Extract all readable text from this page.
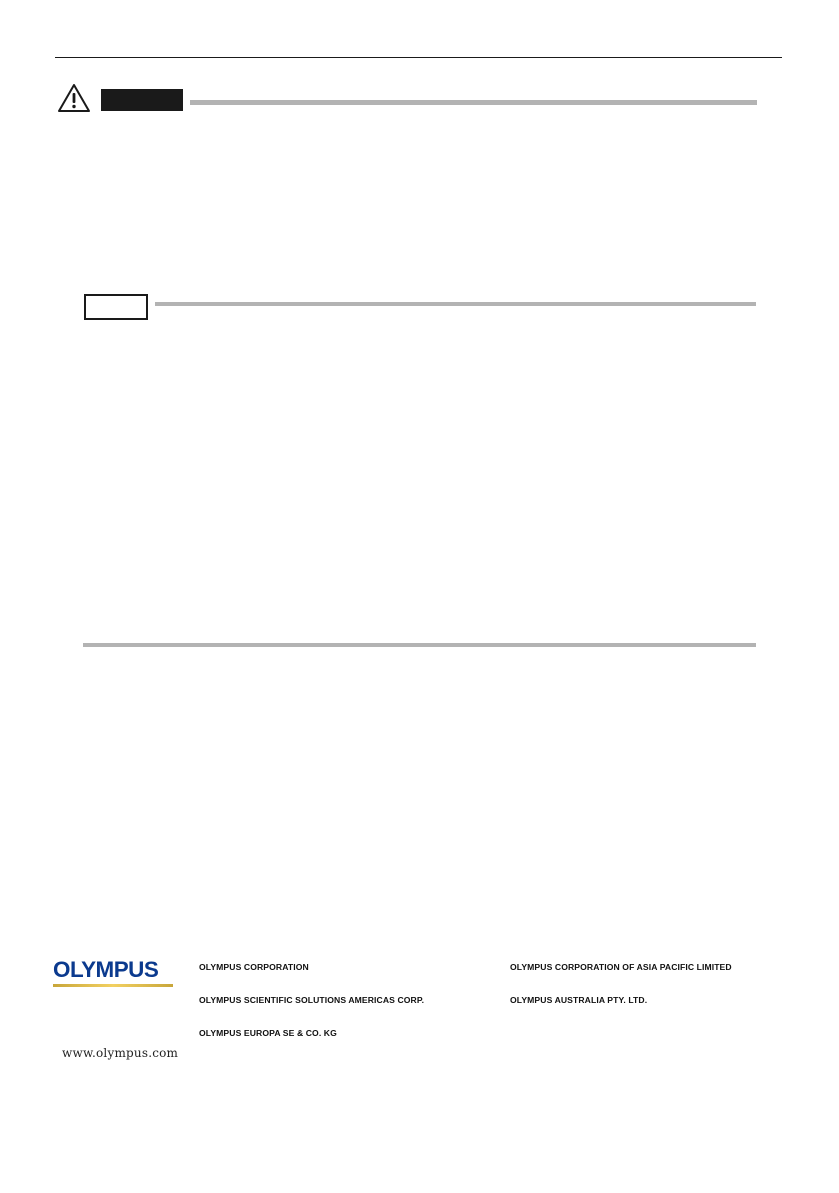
OLYMPUS
www.olympus.com
OLYMPUS CORPORATION	OLYMPUS CORPORATION OF ASIA PACIFIC LIMITED
OLYMPUS SCIENTIFIC SOLUTIONS AMERICAS CORP.	OLYMPUS AUSTRALIA PTY. LTD.
OLYMPUS EUROPA SE & CO. KG
